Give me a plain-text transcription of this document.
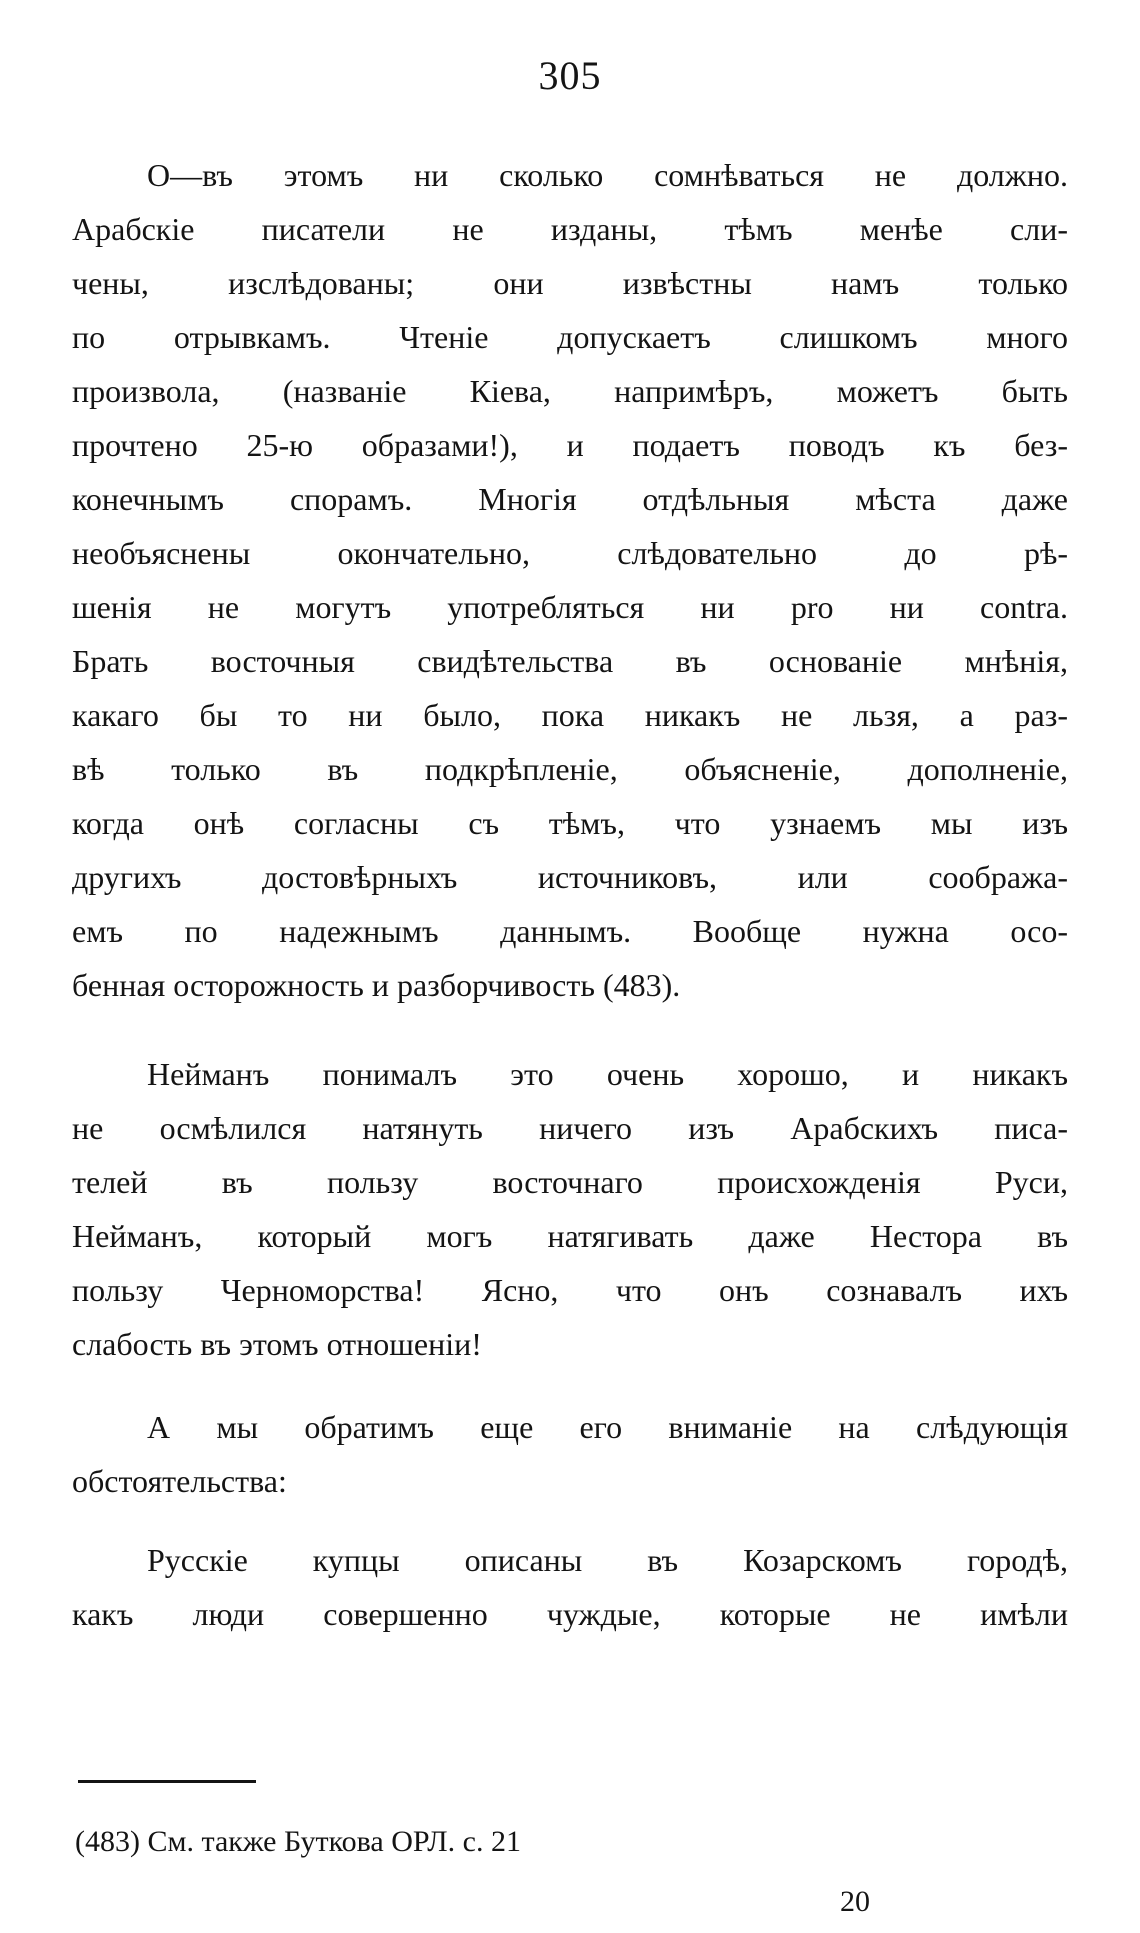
305
О—въ этомъ ни сколько сомнѣваться не должно.
Арабскіе писатели не изданы, тѣмъ менѣе сли-
чены, изслѣдованы; они извѣстны намъ только
по отрывкамъ. Чтеніе допускаетъ слишкомъ много
произвола, (названіе Кіева, напримѣръ, можетъ быть
прочтено 25-ю образами!), и подаетъ поводъ къ без-
конечнымъ спорамъ. Многія отдѣльныя мѣста даже
необъяснены окончательно, слѣдовательно до рѣ-
шенія не могутъ употребляться ни pro ни contra.
Брать восточныя свидѣтельства въ основаніе мнѣнія,
какаго бы то ни было, пока никакъ не льзя, а раз-
вѣ только въ подкрѣпленіе, объясненіе, дополненіе,
когда онѣ согласны съ тѣмъ, что узнаемъ мы изъ
другихъ достовѣрныхъ источниковъ, или сообража-
емъ по надежнымъ даннымъ. Вообще нужна осо-
бенная осторожность и разборчивость (483).
Нейманъ понималъ это очень хорошо, и никакъ
не осмѣлился натянуть ничего изъ Арабскихъ писа-
телей въ пользу восточнаго происхожденія Руси,
Нейманъ, который могъ натягивать даже Нестора въ
пользу Черноморства! Ясно, что онъ сознавалъ ихъ
слабость въ этомъ отношеніи!
А мы обратимъ еще его вниманіе на слѣдующія
обстоятельства:
Русскіе купцы описаны въ Козарскомъ городѣ,
какъ люди совершенно чуждые, которые не имѣли
(483) См. также Буткова ОРЛ. с. 21
20
